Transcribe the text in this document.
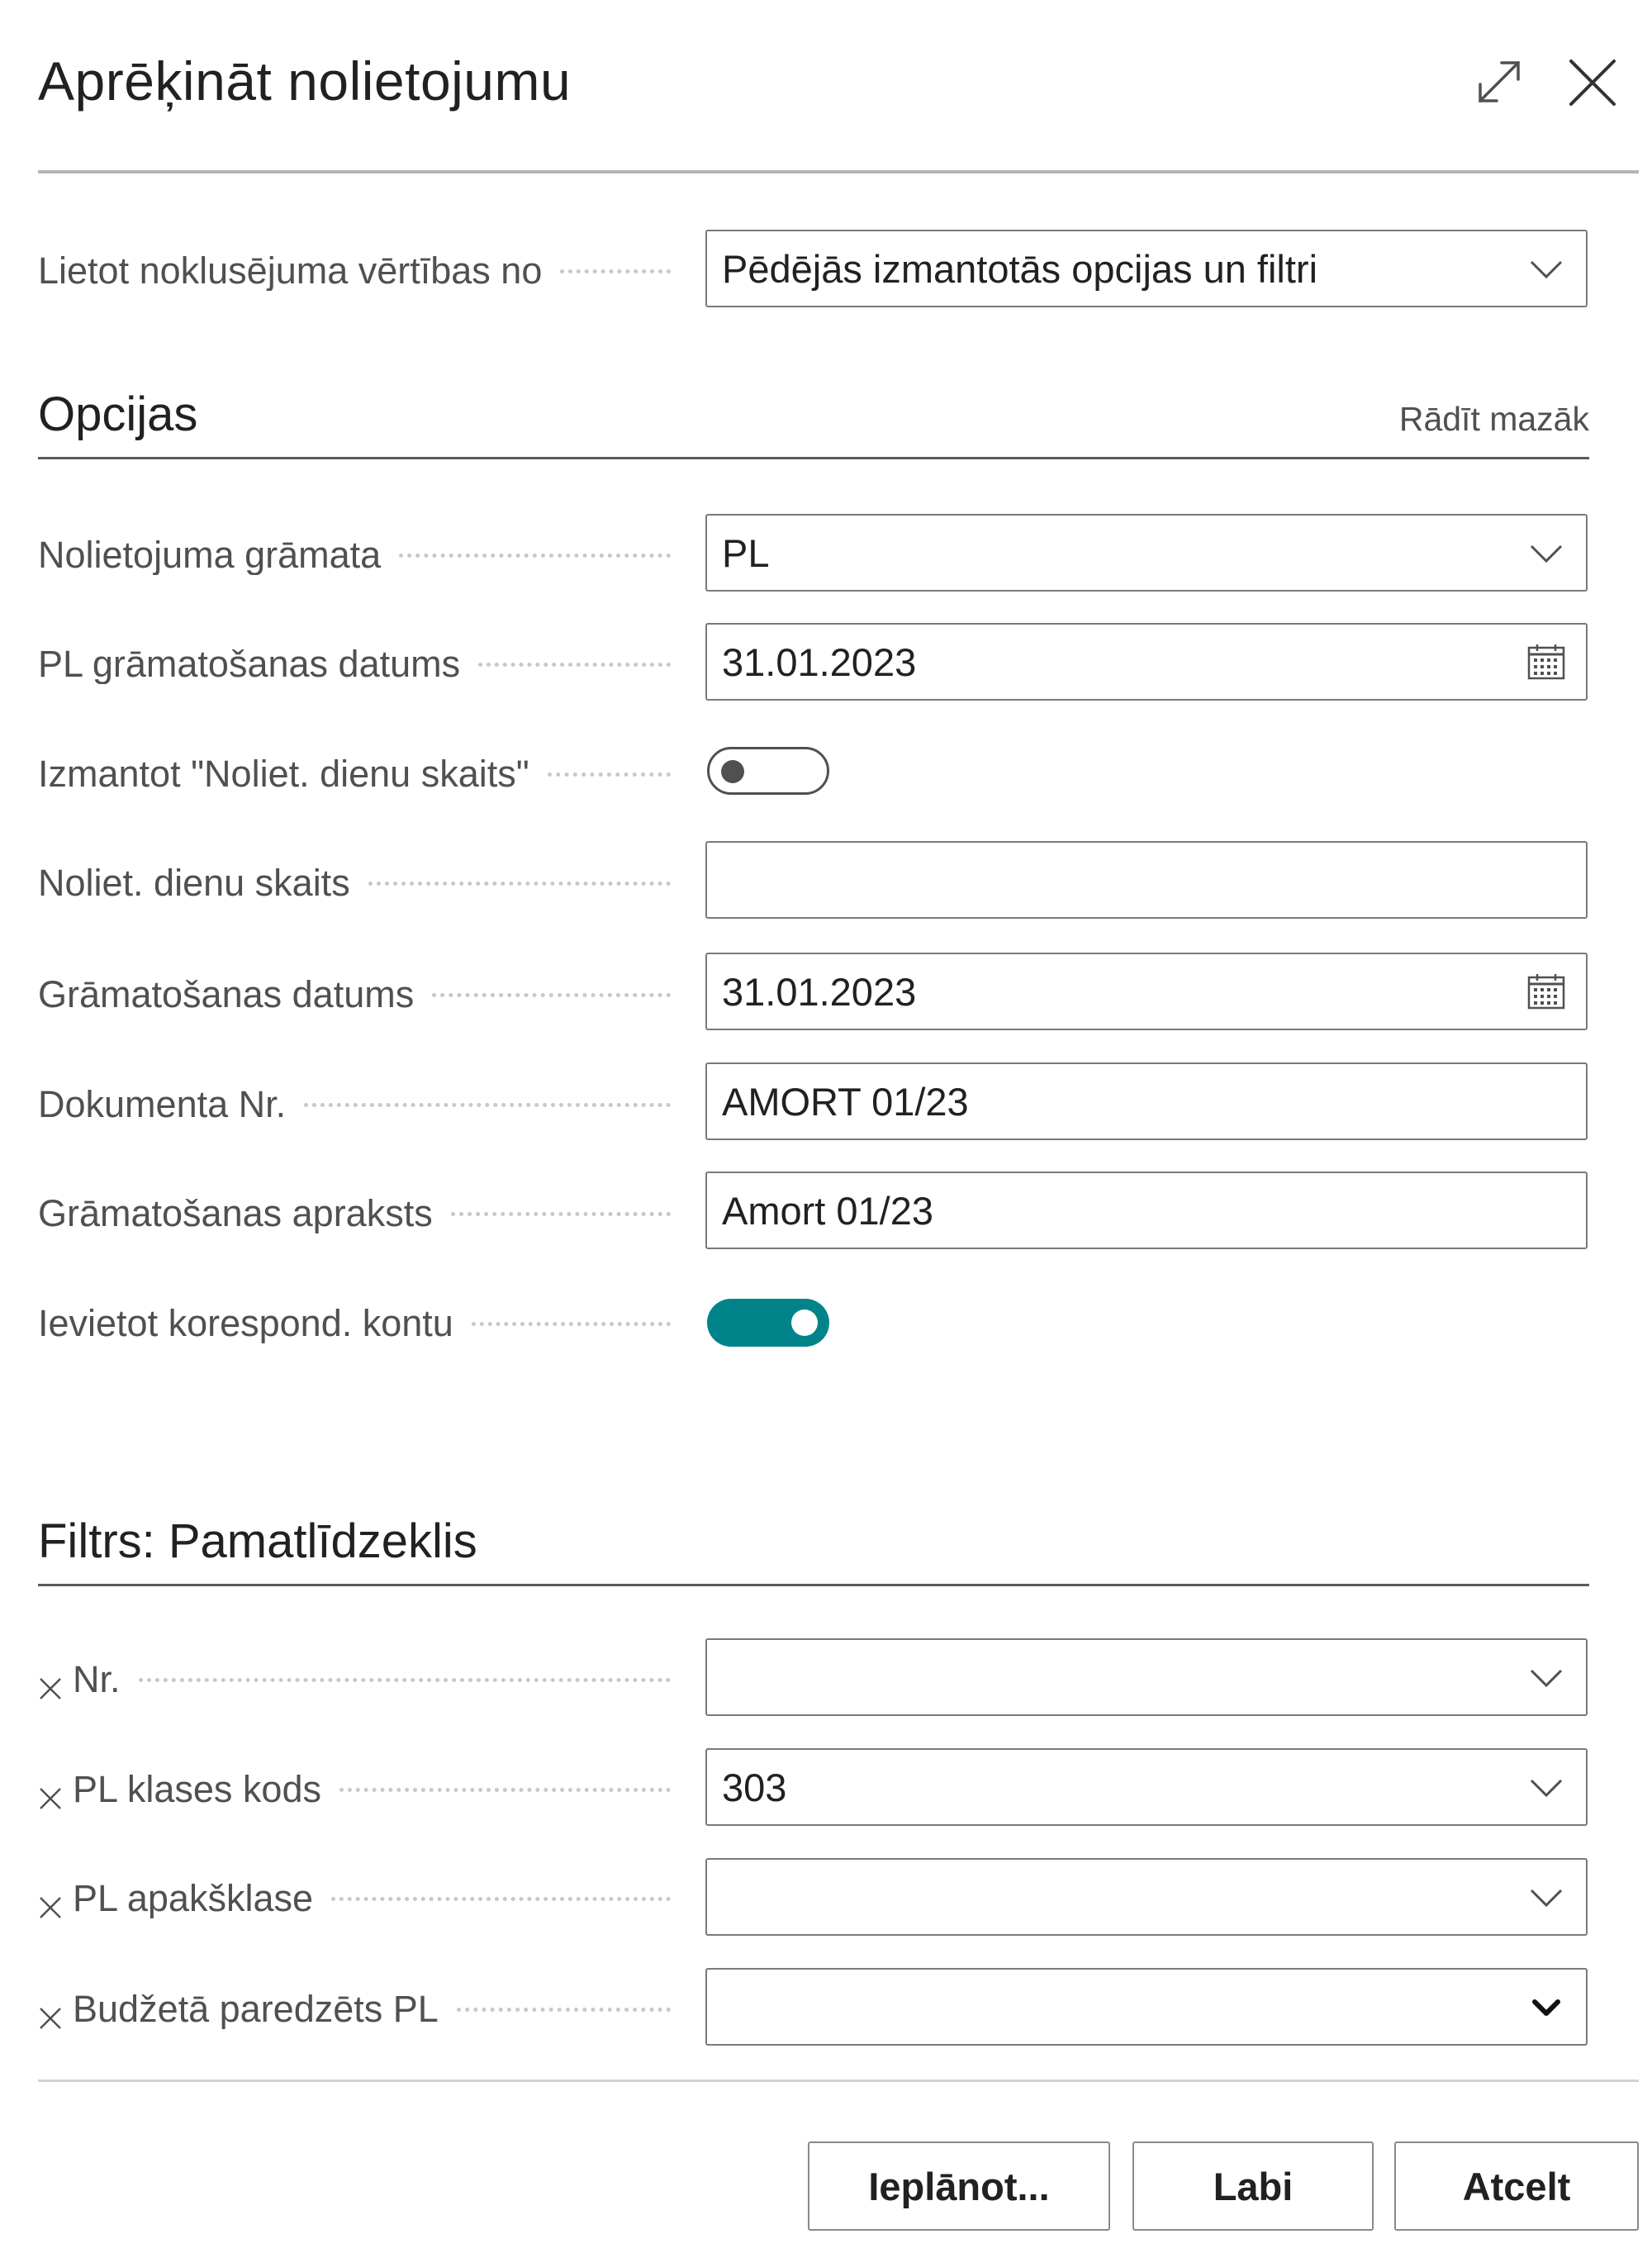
Aprēķināt nolietojumu
Lietot noklusējuma vērtības no	Pēdējās izmantotās opcijas un filtri
Opcijas	Rādīt mazāk
Nolietojuma grāmata	PL
PL grāmatošanas datums	31.01.2023
Izmantot "Noliet. dienu skaits"
Noliet. dienu skaits
Grāmatošanas datums	31.01.2023
Dokumenta Nr.	AMORT 01/23
Grāmatošanas apraksts	Amort 01/23
Ievietot korespond. kontu
Filtrs: Pamatlīdzeklis
Nr.
PL klases kods	303
PL apakšklase
Budžetā paredzēts PL
Ieplānot...	Labi	Atcelt
